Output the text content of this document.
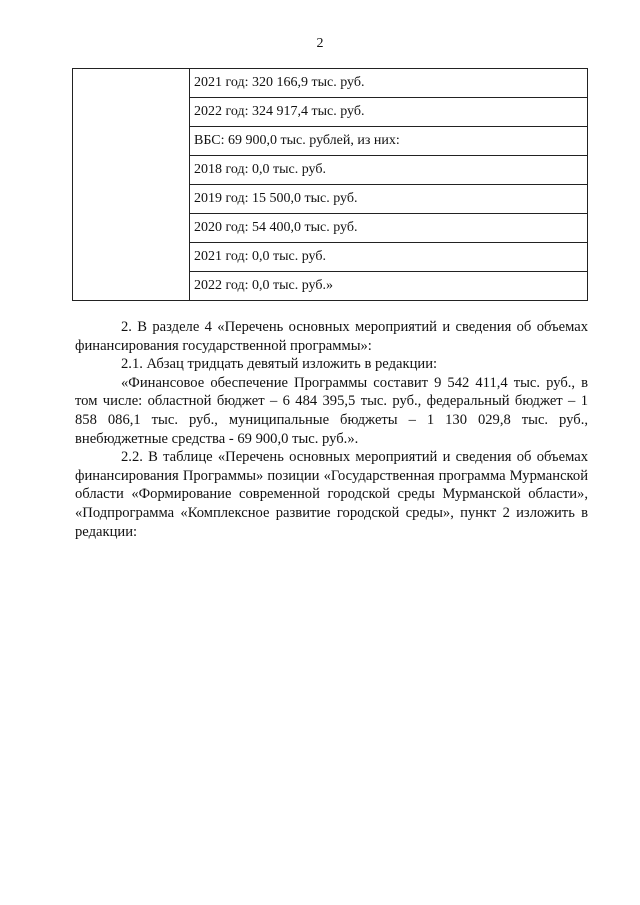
2
	2021 год: 320 166,9 тыс. руб.
2022 год: 324 917,4 тыс. руб.
ВБС: 69 900,0 тыс. рублей, из них:
2018 год: 0,0 тыс. руб.
2019 год: 15 500,0 тыс. руб.
2020 год: 54 400,0 тыс. руб.
2021 год: 0,0 тыс. руб.
2022 год: 0,0 тыс. руб.»

2. В разделе 4 «Перечень основных мероприятий и сведения об объемах финансирования государственной программы»:

2.1. Абзац тридцать девятый изложить в редакции:

«Финансовое обеспечение Программы составит 9 542 411,4 тыс. руб., в том числе: областной бюджет – 6 484 395,5 тыс. руб., федеральный бюджет – 1 858 086,1 тыс. руб., муниципальные бюджеты – 1 130 029,8 тыс. руб., внебюджетные средства - 69 900,0 тыс. руб.».

2.2. В таблице «Перечень основных мероприятий и сведения об объемах финансирования Программы» позиции «Государственная программа Мурманской области «Формирование современной городской среды Мурманской области», «Подпрограмма «Комплексное развитие городской среды», пункт 2 изложить в редакции:
